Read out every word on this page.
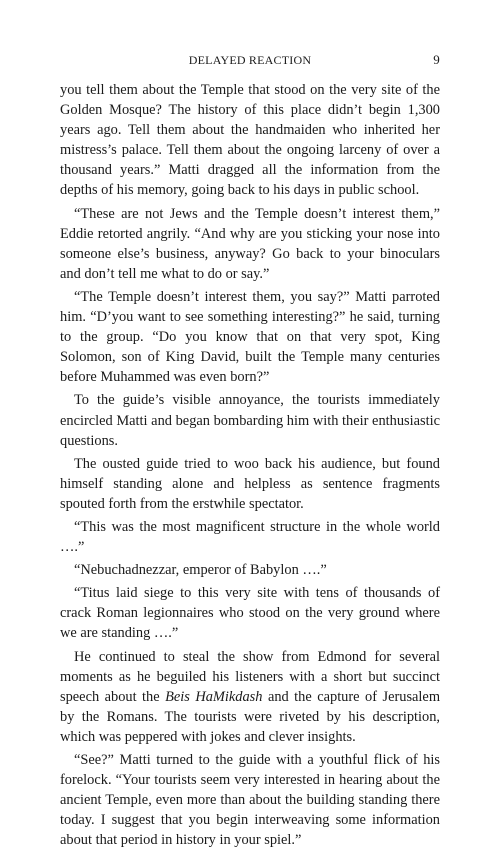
DELAYED REACTION	9

you tell them about the Temple that stood on the very site of the Golden Mosque? The history of this place didn’t begin 1,300 years ago. Tell them about the handmaiden who inherited her mistress’s palace. Tell them about the ongoing larceny of over a thousand years.” Matti dragged all the information from the depths of his memory, going back to his days in public school.

“These are not Jews and the Temple doesn’t interest them,” Eddie retorted angrily. “And why are you sticking your nose into someone else’s business, anyway? Go back to your binoculars and don’t tell me what to do or say.”

“The Temple doesn’t interest them, you say?” Matti parroted him. “D’you want to see something interesting?” he said, turning to the group. “Do you know that on that very spot, King Solomon, son of King David, built the Temple many centuries before Muhammed was even born?”

To the guide’s visible annoyance, the tourists immediately encircled Matti and began bombarding him with their enthusiastic questions.

The ousted guide tried to woo back his audience, but found himself standing alone and helpless as sentence fragments spouted forth from the erstwhile spectator.

“This was the most magnificent structure in the whole world ….”

“Nebuchadnezzar, emperor of Babylon ….”

“Titus laid siege to this very site with tens of thousands of crack Roman legionnaires who stood on the very ground where we are standing ….”

He continued to steal the show from Edmond for several moments as he beguiled his listeners with a short but succinct speech about the Beis HaMikdash and the capture of Jerusalem by the Romans. The tourists were riveted by his description, which was peppered with jokes and clever insights.

“See?” Matti turned to the guide with a youthful flick of his forelock. “Your tourists seem very interested in hearing about the ancient Temple, even more than about the building standing there today. I suggest that you begin interweaving some information about that period in history in your spiel.”
